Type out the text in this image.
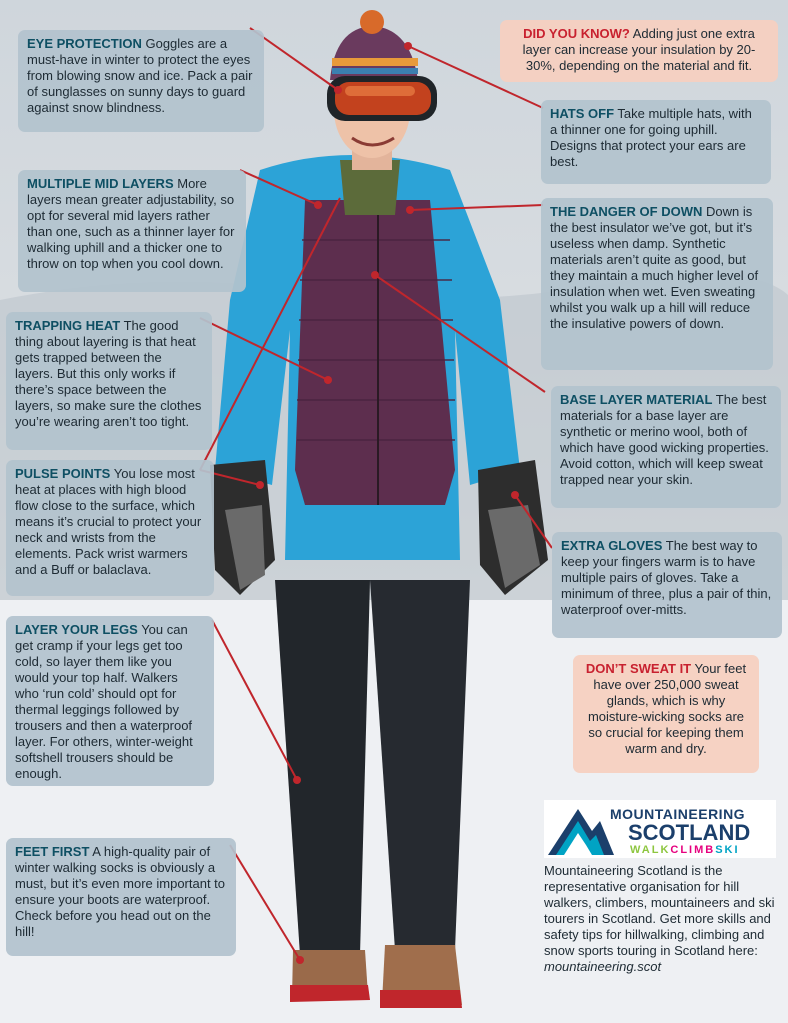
EYE PROTECTION Goggles are a must-have in winter to protect the eyes from blowing snow and ice. Pack a pair of sunglasses on sunny days to guard against snow blindness.
DID YOU KNOW? Adding just one extra layer can increase your insulation by 20-30%, depending on the material and fit.
HATS OFF Take multiple hats, with a thinner one for going uphill. Designs that protect your ears are best.
MULTIPLE MID LAYERS More layers mean greater adjustability, so opt for several mid layers rather than one, such as a thinner layer for walking uphill and a thicker one to throw on top when you cool down.
THE DANGER OF DOWN Down is the best insulator we’ve got, but it’s useless when damp. Synthetic materials aren’t quite as good, but they maintain a much higher level of insulation when wet. Even sweating whilst you walk up a hill will reduce the insulative powers of down.
TRAPPING HEAT The good thing about layering is that heat gets trapped between the layers. But this only works if there’s space between the layers, so make sure the clothes you’re wearing aren’t too tight.
BASE LAYER MATERIAL The best materials for a base layer are synthetic or merino wool, both of which have good wicking properties. Avoid cotton, which will keep sweat trapped near your skin.
PULSE POINTS You lose most heat at places with high blood flow close to the surface, which means it’s crucial to protect your neck and wrists from the elements. Pack wrist warmers and a Buff or balaclava.
EXTRA GLOVES The best way to keep your fingers warm is to have multiple pairs of gloves. Take a minimum of three, plus a pair of thin, waterproof over-mitts.
LAYER YOUR LEGS You can get cramp if your legs get too cold, so layer them like you would your top half. Walkers who ‘run cold’ should opt for thermal leggings followed by trousers and then a waterproof layer. For others, winter-weight softshell trousers should be enough.
DON’T SWEAT IT Your feet have over 250,000 sweat glands, which is why moisture-wicking socks are so crucial for keeping them warm and dry.
FEET FIRST A high-quality pair of winter walking socks is obviously a must, but it’s even more important to ensure your boots are waterproof. Check before you head out on the hill!
MOUNTAINEERING
SCOTLAND
WALKCLIMBSKI
Mountaineering Scotland is the representative organisation for hill walkers, climbers, mountaineers and ski tourers in Scotland. Get more skills and safety tips for hillwalking, climbing and snow sports touring in Scotland here: mountaineering.scot
